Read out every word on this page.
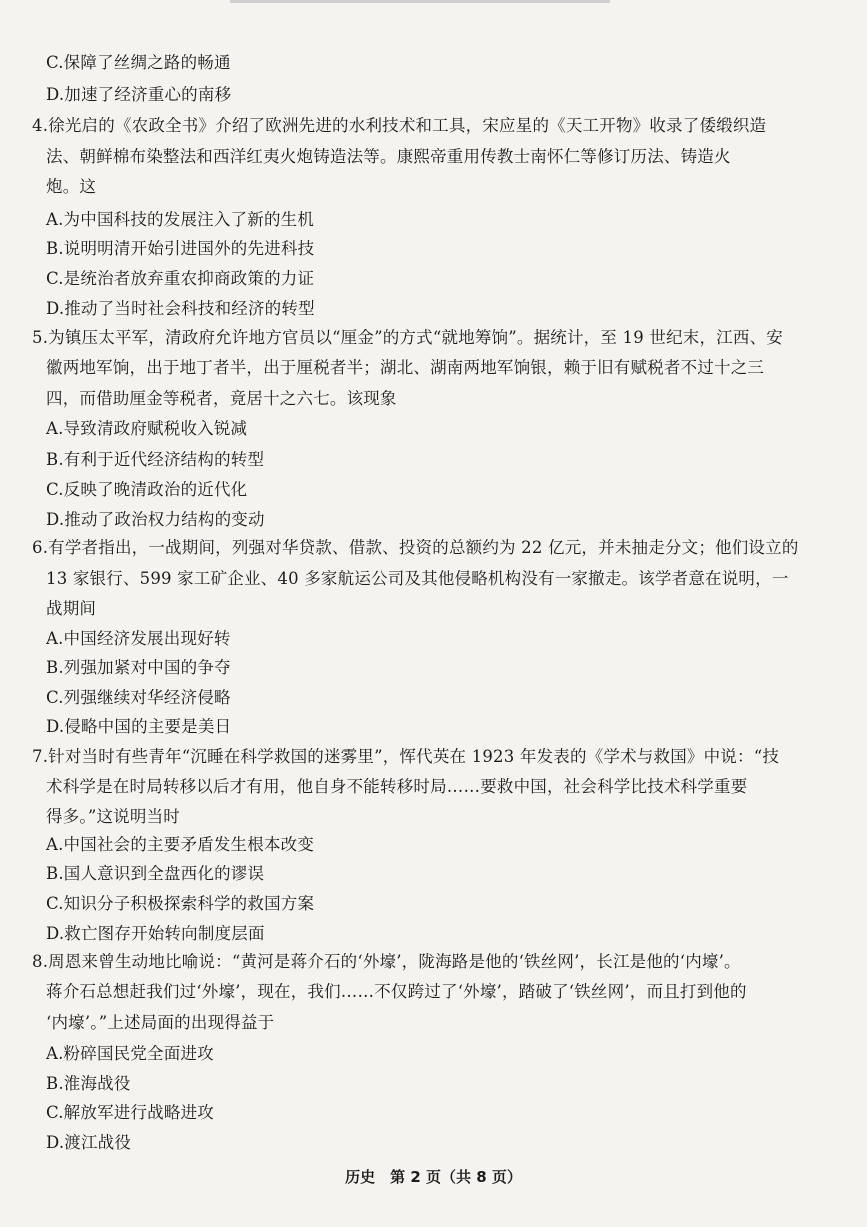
C.保障了丝绸之路的畅通
D.加速了经济重心的南移
4.徐光启的《农政全书》介绍了欧洲先进的水利技术和工具，宋应星的《天工开物》收录了倭缎织造
法、朝鲜棉布染整法和西洋红夷火炮铸造法等。康熙帝重用传教士南怀仁等修订历法、铸造火
炮。这
A.为中国科技的发展注入了新的生机
B.说明明清开始引进国外的先进科技
C.是统治者放弃重农抑商政策的力证
D.推动了当时社会科技和经济的转型
5.为镇压太平军，清政府允许地方官员以“厘金”的方式“就地筹饷”。据统计，至 19 世纪末，江西、安
徽两地军饷，出于地丁者半，出于厘税者半；湖北、湖南两地军饷银，赖于旧有赋税者不过十之三
四，而借助厘金等税者，竟居十之六七。该现象
A.导致清政府赋税收入锐减
B.有利于近代经济结构的转型
C.反映了晚清政治的近代化
D.推动了政治权力结构的变动
6.有学者指出，一战期间，列强对华贷款、借款、投资的总额约为 22 亿元，并未抽走分文；他们设立的
13 家银行、599 家工矿企业、40 多家航运公司及其他侵略机构没有一家撤走。该学者意在说明，一
战期间
A.中国经济发展出现好转
B.列强加紧对中国的争夺
C.列强继续对华经济侵略
D.侵略中国的主要是美日
7.针对当时有些青年“沉睡在科学救国的迷雾里”，恽代英在 1923 年发表的《学术与救国》中说：“技
术科学是在时局转移以后才有用，他自身不能转移时局……要救中国，社会科学比技术科学重要
得多。”这说明当时
A.中国社会的主要矛盾发生根本改变
B.国人意识到全盘西化的谬误
C.知识分子积极探索科学的救国方案
D.救亡图存开始转向制度层面
8.周恩来曾生动地比喻说：“黄河是蒋介石的‘外壕’，陇海路是他的‘铁丝网’，长江是他的‘内壕’。
蒋介石总想赶我们过‘外壕’，现在，我们……不仅跨过了‘外壕’，踏破了‘铁丝网’，而且打到他的
‘内壕’。”上述局面的出现得益于
A.粉碎国民党全面进攻
B.淮海战役
C.解放军进行战略进攻
D.渡江战役
历史　第 2 页（共 8 页）
